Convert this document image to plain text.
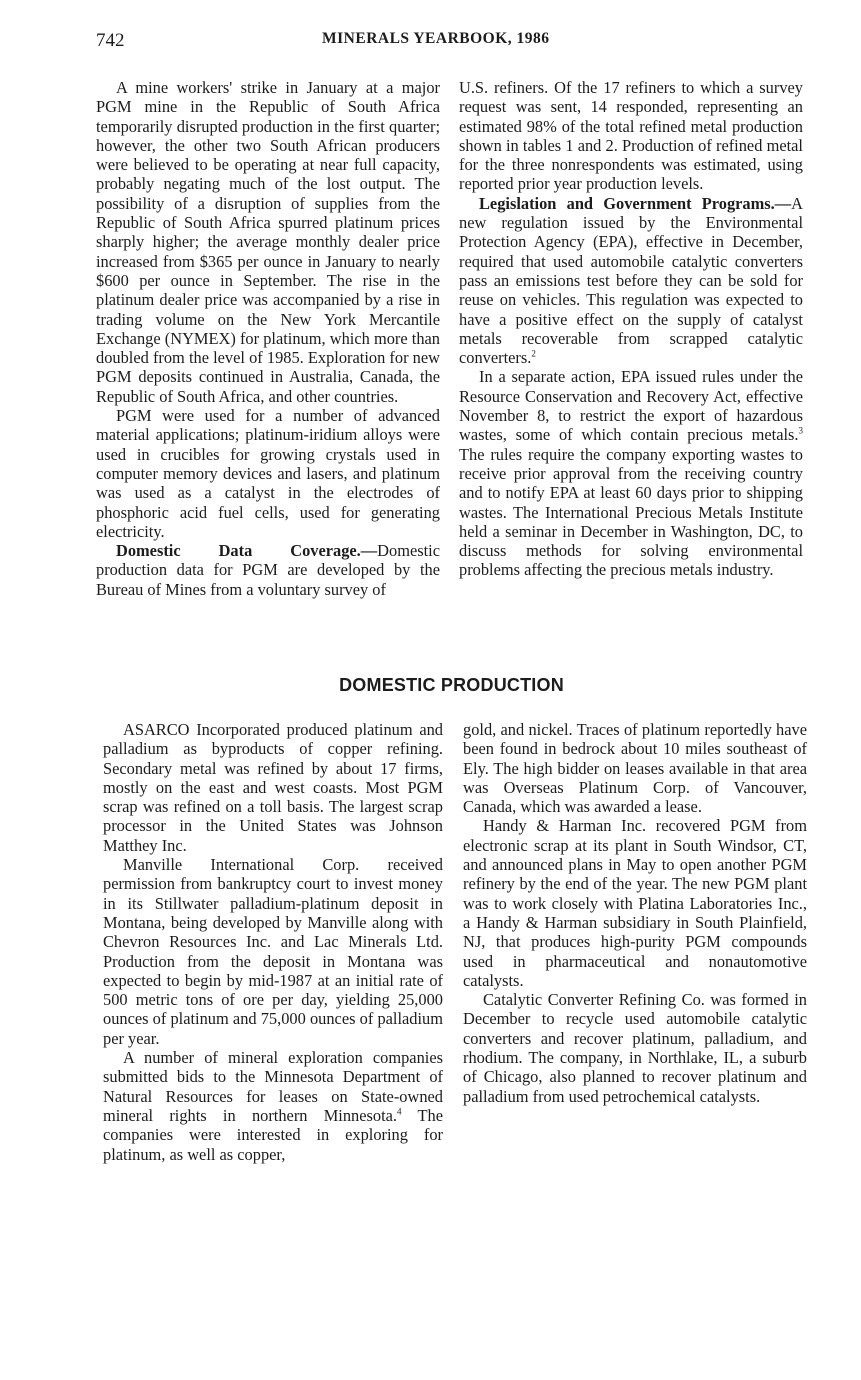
742	MINERALS YEARBOOK, 1986

A mine workers' strike in January at a major PGM mine in the Republic of South Africa temporarily disrupted production in the first quarter; however, the other two South African producers were believed to be operating at near full capacity, probably negating much of the lost output. The possibility of a disruption of supplies from the Republic of South Africa spurred platinum prices sharply higher; the average monthly dealer price increased from $365 per ounce in January to nearly $600 per ounce in September. The rise in the platinum dealer price was accompanied by a rise in trading volume on the New York Mercantile Exchange (NYMEX) for platinum, which more than doubled from the level of 1985. Exploration for new PGM deposits continued in Australia, Canada, the Republic of South Africa, and other countries.

PGM were used for a number of advanced material applications; platinum-iridium alloys were used in crucibles for growing crystals used in computer memory devices and lasers, and platinum was used as a catalyst in the electrodes of phosphoric acid fuel cells, used for generating electricity.

Domestic Data Coverage.—Domestic production data for PGM are developed by the Bureau of Mines from a voluntary survey of

U.S. refiners. Of the 17 refiners to which a survey request was sent, 14 responded, representing an estimated 98% of the total refined metal production shown in tables 1 and 2. Production of refined metal for the three nonrespondents was estimated, using reported prior year production levels.

Legislation and Government Programs.—A new regulation issued by the Environmental Protection Agency (EPA), effective in December, required that used automobile catalytic converters pass an emissions test before they can be sold for reuse on vehicles. This regulation was expected to have a positive effect on the supply of catalyst metals recoverable from scrapped catalytic converters.$^2$

In a separate action, EPA issued rules under the Resource Conservation and Recovery Act, effective November 8, to restrict the export of hazardous wastes, some of which contain precious metals.$^3$ The rules require the company exporting wastes to receive prior approval from the receiving country and to notify EPA at least 60 days prior to shipping wastes. The International Precious Metals Institute held a seminar in December in Washington, DC, to discuss methods for solving environmental problems affecting the precious metals industry.

DOMESTIC PRODUCTION

ASARCO Incorporated produced platinum and palladium as byproducts of copper refining. Secondary metal was refined by about 17 firms, mostly on the east and west coasts. Most PGM scrap was refined on a toll basis. The largest scrap processor in the United States was Johnson Matthey Inc.

Manville International Corp. received permission from bankruptcy court to invest money in its Stillwater palladium-platinum deposit in Montana, being developed by Manville along with Chevron Resources Inc. and Lac Minerals Ltd. Production from the deposit in Montana was expected to begin by mid-1987 at an initial rate of 500 metric tons of ore per day, yielding 25,000 ounces of platinum and 75,000 ounces of palladium per year.

A number of mineral exploration companies submitted bids to the Minnesota Department of Natural Resources for leases on State-owned mineral rights in northern Minnesota.$^4$ The companies were interested in exploring for platinum, as well as copper,

gold, and nickel. Traces of platinum reportedly have been found in bedrock about 10 miles southeast of Ely. The high bidder on leases available in that area was Overseas Platinum Corp. of Vancouver, Canada, which was awarded a lease.

Handy & Harman Inc. recovered PGM from electronic scrap at its plant in South Windsor, CT, and announced plans in May to open another PGM refinery by the end of the year. The new PGM plant was to work closely with Platina Laboratories Inc., a Handy & Harman subsidiary in South Plainfield, NJ, that produces high-purity PGM compounds used in pharmaceutical and nonautomotive catalysts.

Catalytic Converter Refining Co. was formed in December to recycle used automobile catalytic converters and recover platinum, palladium, and rhodium. The company, in Northlake, IL, a suburb of Chicago, also planned to recover platinum and palladium from used petrochemical catalysts.
